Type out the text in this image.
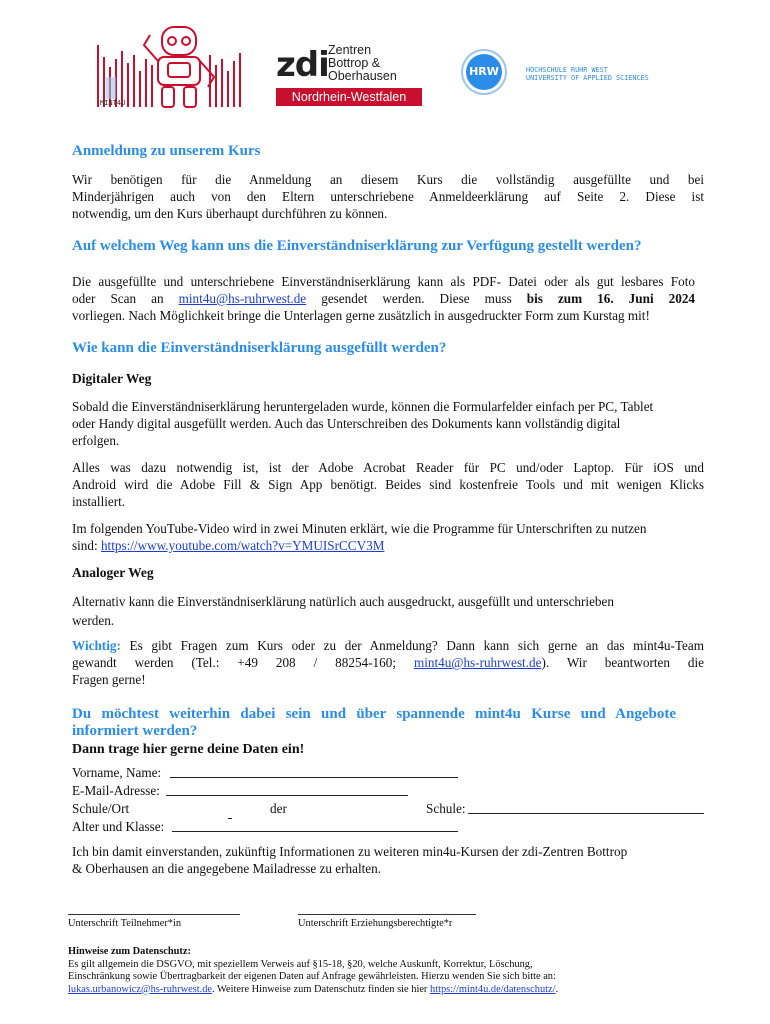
MINT4U
zdi Zentren
Bottrop &
Oberhausen
Nordrhein-Westfalen
HRW	HOCHSCHULE RUHR WEST
UNIVERSITY OF APPLIED SCIENCES
Anmeldung zu unserem Kurs
Wir benötigen für die Anmeldung an diesem Kurs die vollständig ausgefüllte und bei
Minderjährigen auch von den Eltern unterschriebene Anmeldeerklärung auf Seite 2. Diese ist
notwendig, um den Kurs überhaupt durchführen zu können.
Auf welchem Weg kann uns die Einverständniserklärung zur Verfügung gestellt werden?
Die ausgefüllte und unterschriebene Einverständniserklärung kann als PDF- Datei oder als gut lesbares Foto
oder Scan an mint4u@hs-ruhrwest.de gesendet werden. Diese muss bis zum 16. Juni 2024
vorliegen. Nach Möglichkeit bringe die Unterlagen gerne zusätzlich in ausgedruckter Form zum Kurstag mit!
Wie kann die Einverständniserklärung ausgefüllt werden?
Digitaler Weg
Sobald die Einverständniserklärung heruntergeladen wurde, können die Formularfelder einfach per PC, Tablet
oder Handy digital ausgefüllt werden. Auch das Unterschreiben des Dokuments kann vollständig digital
erfolgen.
Alles was dazu notwendig ist, ist der Adobe Acrobat Reader für PC und/oder Laptop. Für iOS und
Android wird die Adobe Fill & Sign App benötigt. Beides sind kostenfreie Tools und mit wenigen Klicks
installiert.
Im folgenden YouTube-Video wird in zwei Minuten erklärt, wie die Programme für Unterschriften zu nutzen
sind: https://www.youtube.com/watch?v=YMUISrCCV3M
Analoger Weg
Alternativ kann die Einverständniserklärung natürlich auch ausgedruckt, ausgefüllt und unterschrieben
werden.
Wichtig: Es gibt Fragen zum Kurs oder zu der Anmeldung? Dann kann sich gerne an das mint4u-Team
gewandt werden (Tel.: +49 208 / 88254-160; mint4u@hs-ruhrwest.de). Wir beantworten die
Fragen gerne!
Du möchtest weiterhin dabei sein und über spannende mint4u Kurse und Angebote
informiert werden?
Dann trage hier gerne deine Daten ein!
Vorname, Name:
E-Mail-Adresse:
Schule/Ort	der	Schule:
Alter und Klasse:
Ich bin damit einverstanden, zukünftig Informationen zu weiteren min4u-Kursen der zdi-Zentren Bottrop
& Oberhausen an die angegebene Mailadresse zu erhalten.
Unterschrift Teilnehmer*in	Unterschrift Erziehungsberechtigte*r
Hinweise zum Datenschutz:
Es gilt allgemein die DSGVO, mit speziellem Verweis auf §15-18, §20, welche Auskunft, Korrektur, Löschung,
Einschränkung sowie Übertragbarkeit der eigenen Daten auf Anfrage gewährleisten. Hierzu wenden Sie sich bitte an:
lukas.urbanowicz@hs-ruhrwest.de. Weitere Hinweise zum Datenschutz finden sie hier https://mint4u.de/datenschutz/.
